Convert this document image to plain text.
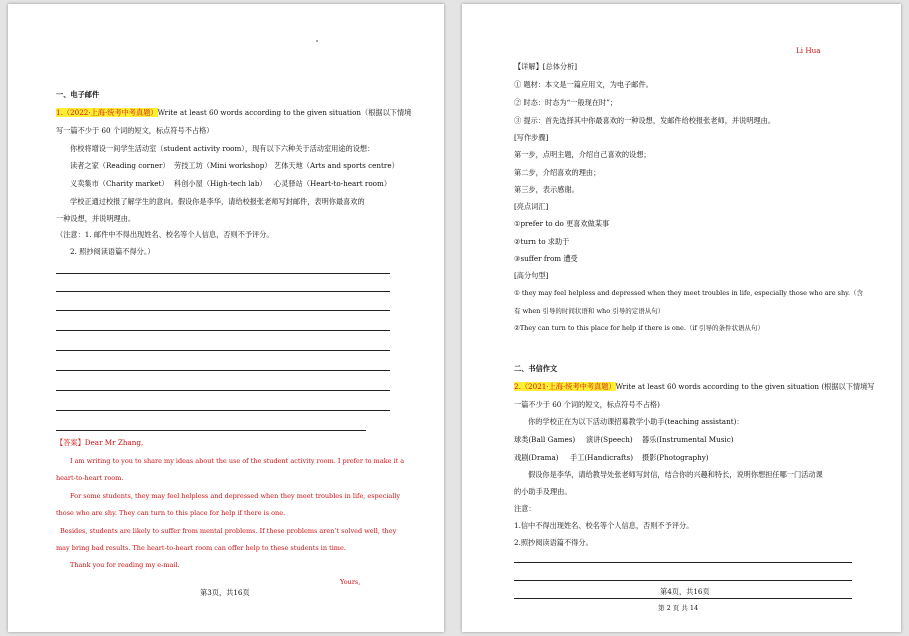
一、电子邮件
1.（2022·上海·统考中考真题）Write at least 60 words according to the given situation（根据以下情境
写一篇不少于 60 个词的短文，标点符号不占格）
你校将增设一间学生活动室（student activity room），现有以下六种关于活动室用途的设想：
读者之家（Reading corner） 劳技工坊（Mini workshop） 艺体天地（Arts and sports centre）
义卖集市（Charity market） 科创小屋（High-tech lab） 心灵驿站（Heart-to-heart room）
学校正通过校报了解学生的意向。假设你是李华，请给校报张老师写封邮件，表明你最喜欢的
一种设想，并说明理由。
（注意：1. 邮件中不得出现姓名、校名等个人信息，否则不予评分。
2. 照抄阅读语篇不得分。）
【答案】Dear Mr Zhang,
I am writing to you to share my ideas about the use of the student activity room. I prefer to make it a
heart-to-heart room.
For some students, they may feel helpless and depressed when they meet troubles in life, especially
those who are shy. They can turn to this place for help if there is one.
Besides, students are likely to suffer from mental problems. If these problems aren’t solved well, they
may bring bad results. The heart-to-heart room can offer help to these students in time.
Thank you for reading my e-mail.
Yours,
第3页，共16页
Li Hua
【详解】[总体分析]
① 题材：本文是一篇应用文，为电子邮件。
② 时态：时态为“一般现在时”；
③ 提示：首先选择其中你最喜欢的一种设想，发邮件给校报张老师，并说明理由。
[写作步骤]
第一步，点明主题，介绍自己喜欢的设想；
第二步，介绍喜欢的理由；
第三步，表示感谢。
[亮点词汇]
①prefer to do 更喜欢做某事
②turn to 求助于
③suffer from 遭受
[高分句型]
① they may feel helpless and depressed when they meet troubles in life, especially those who are shy.（含
有 when 引导的时间状语和 who 引导的定语从句）
②They can turn to this place for help if there is one.（if 引导的条件状语从句）
二、书信作文
2.（2021·上海·统考中考真题）Write at least 60 words according to the given situation (根据以下情境写
一篇不少于 60 个词的短文，标点符号不占格)
你的学校正在为以下活动课招募教学小助手(teaching assistant)：
球类(Ball Games) 演讲(Speech) 器乐(Instrumental Music)
戏剧(Drama) 手工(Handicrafts) 摄影(Photography)
假设你是李华，请给教导处张老师写封信，结合你的兴趣和特长，说明你想担任哪一门活动课
的小助手及理由。
注意：
1.信中不得出现姓名、校名等个人信息，否则不予评分。
2.照抄阅读语篇不得分。
第4页，共16页
第 2 页 共 14
